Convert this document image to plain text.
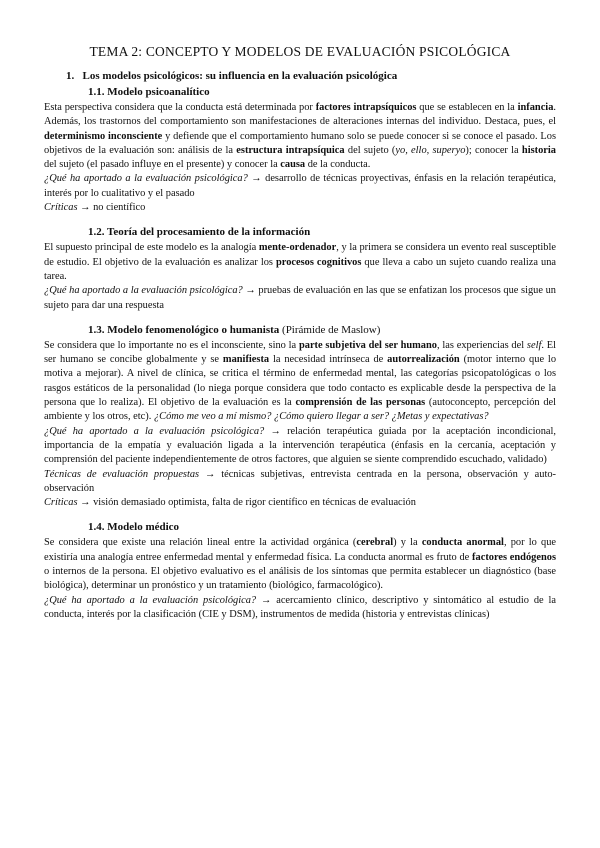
TEMA 2: CONCEPTO Y MODELOS DE EVALUACIÓN PSICOLÓGICA
1. Los modelos psicológicos: su influencia en la evaluación psicológica
1.1. Modelo psicoanalítico

Esta perspectiva considera que la conducta está determinada por factores intrapsíquicos que se establecen en la infancia. Además, los trastornos del comportamiento son manifestaciones de alteraciones internas del individuo. Destaca, pues, el determinismo inconsciente y defiende que el comportamiento humano solo se puede conocer si se conoce el pasado. Los objetivos de la evaluación son: análisis de la estructura intrapsíquica del sujeto (yo, ello, superyo); conocer la historia del sujeto (el pasado influye en el presente) y conocer la causa de la conducta.

¿Qué ha aportado a la evaluación psicológica? → desarrollo de técnicas proyectivas, énfasis en la relación terapéutica, interés por lo cualitativo y el pasado

Críticas → no científico

1.2. Teoría del procesamiento de la información

El supuesto principal de este modelo es la analogía mente-ordenador, y la primera se considera un evento real susceptible de estudio. El objetivo de la evaluación es analizar los procesos cognitivos que lleva a cabo un sujeto cuando realiza una tarea.

¿Qué ha aportado a la evaluación psicológica? → pruebas de evaluación en las que se enfatizan los procesos que sigue un sujeto para dar una respuesta

1.3. Modelo fenomenológico o humanista (Pirámide de Maslow)

Se considera que lo importante no es el inconsciente, sino la parte subjetiva del ser humano, las experiencias del self. El ser humano se concibe globalmente y se manifiesta la necesidad intrínseca de autorrealización (motor interno que lo motiva a mejorar). A nivel de clínica, se critica el término de enfermedad mental, las categorías psicopatológicas o los rasgos estáticos de la personalidad (lo niega porque considera que todo contacto es explicable desde la perspectiva de la persona que lo realiza). El objetivo de la evaluación es la comprensión de las personas (autoconcepto, percepción del ambiente y los otros, etc). ¿Cómo me veo a mí mismo? ¿Cómo quiero llegar a ser? ¿Metas y expectativas?

¿Qué ha aportado a la evaluación psicológica? → relación terapéutica guiada por la aceptación incondicional, importancia de la empatía y evaluación ligada a la intervención terapéutica (énfasis en la cercanía, aceptación y comprensión del paciente independientemente de otros factores, que alguien se siente comprendido escuchado, validado)

Técnicas de evaluación propuestas → técnicas subjetivas, entrevista centrada en la persona, observación y auto-observación

Críticas → visión demasiado optimista, falta de rigor científico en técnicas de evaluación

1.4. Modelo médico

Se considera que existe una relación lineal entre la actividad orgánica (cerebral) y la conducta anormal, por lo que existiría una analogía entree enfermedad mental y enfermedad física. La conducta anormal es fruto de factores endógenos o internos de la persona. El objetivo evaluativo es el análisis de los síntomas que permita establecer un diagnóstico (base biológica), determinar un pronóstico y un tratamiento (biológico, farmacológico).

¿Qué ha aportado a la evaluación psicológica? → acercamiento clínico, descriptivo y sintomático al estudio de la conducta, interés por la clasificación (CIE y DSM), instrumentos de medida (historia y entrevistas clínicas)
